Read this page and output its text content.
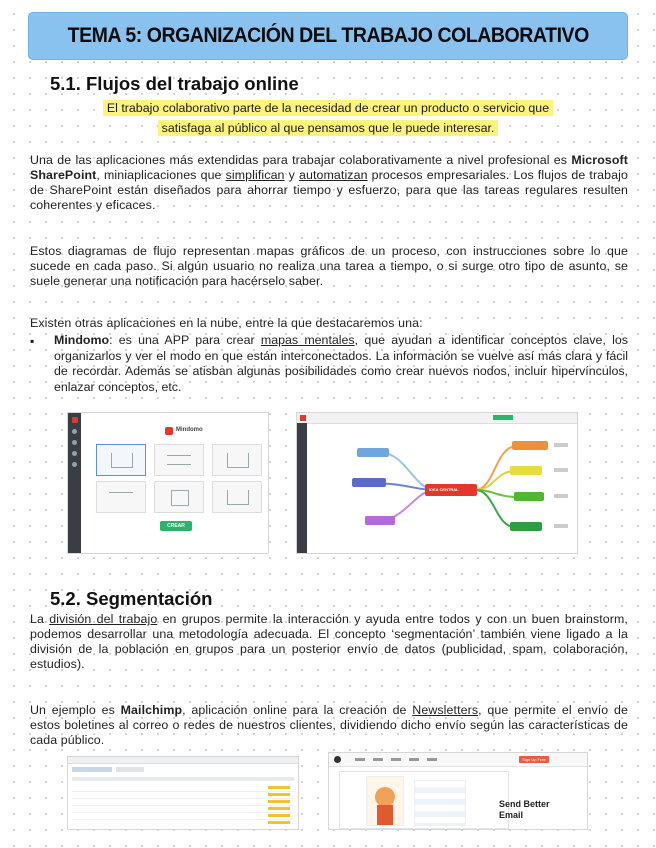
TEMA 5: ORGANIZACIÓN DEL TRABAJO COLABORATIVO
5.1. Flujos del trabajo online
El trabajo colaborativo parte de la necesidad de crear un producto o servicio que
satisfaga al público al que pensamos que le puede interesar.
Una de las aplicaciones más extendidas para trabajar colaborativamente a nivel profesional es Microsoft SharePoint, miniaplicaciones que simplifican y automatizan procesos empresariales. Los flujos de trabajo de SharePoint están diseñados para ahorrar tiempo y esfuerzo, para que las tareas regulares resulten coherentes y eficaces.
Estos diagramas de flujo representan mapas gráficos de un proceso, con instrucciones sobre lo que sucede en cada paso. Si algún usuario no realiza una tarea a tiempo, o si surge otro tipo de asunto, se suele generar una notificación para hacérselo saber.
Existen otras aplicaciones en la nube, entre la que destacaremos una:
▪ Mindomo: es una APP para crear mapas mentales, que ayudan a identificar conceptos clave, los organizarlos y ver el modo en que están interconectados. La información se vuelve así más clara y fácil de recordar. Además se atisban algunas posibilidades como crear nuevos nodos, incluir hipervínculos, enlazar conceptos, etc.
Mindomo
CREAR
IDEA CENTRAL
5.2. Segmentación
La división del trabajo en grupos permite la interacción y ayuda entre todos y con un buen brainstorm, podemos desarrollar una metodología adecuada. El concepto ‘segmentación’ también viene ligado a la división de la población en grupos para un posterior envío de datos (publicidad, spam, colaboración, estudios).
Un ejemplo es Mailchimp, aplicación online para la creación de Newsletters, que permite el envío de estos boletines al correo o redes de nuestros clientes, dividiendo dicho envío según las características de cada público.
Sign Up Free
Send Better
Email
